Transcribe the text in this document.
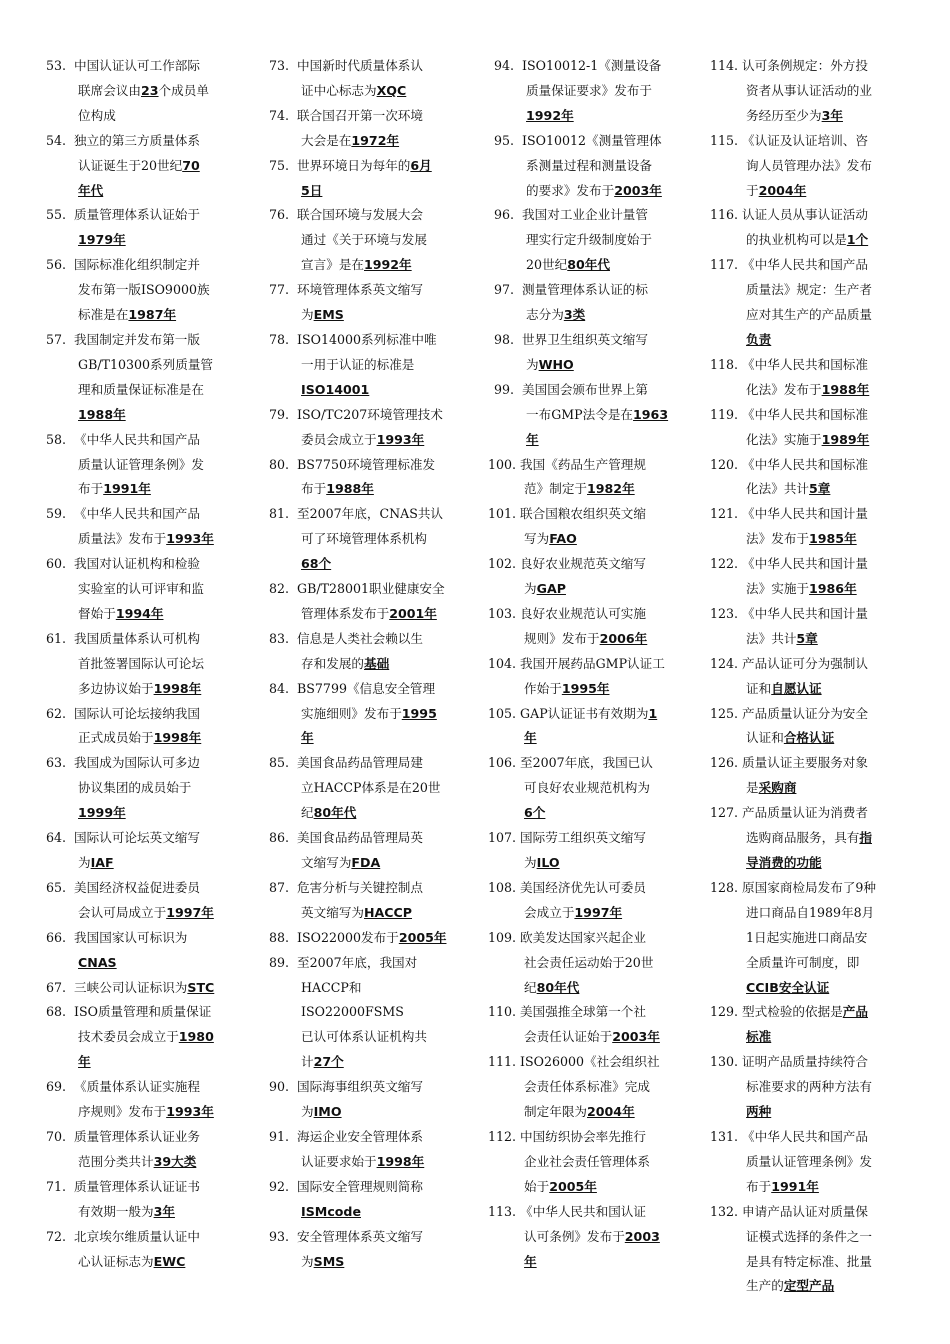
53. 中国认证认可工作部际
联席会议由23个成员单
位构成
54. 独立的第三方质量体系
认证诞生于20世纪70
年代
55. 质量管理体系认证始于
1979年
56. 国际标准化组织制定并
发布第一版ISO9000族
标准是在1987年
57. 我国制定并发布第一版
GB/T10300系列质量管
理和质量保证标准是在
1988年
58. 《中华人民共和国产品
质量认证管理条例》发
布于1991年
59. 《中华人民共和国产品
质量法》发布于1993年
60. 我国对认证机构和检验
实验室的认可评审和监
督始于1994年
61. 我国质量体系认可机构
首批签署国际认可论坛
多边协议始于1998年
62. 国际认可论坛接纳我国
正式成员始于1998年
63. 我国成为国际认可多边
协议集团的成员始于
1999年
64. 国际认可论坛英文缩写
为IAF
65. 美国经济权益促进委员
会认可局成立于1997年
66. 我国国家认可标识为
CNAS
67. 三峡公司认证标识为STC
68. ISO质量管理和质量保证
技术委员会成立于1980
年
69. 《质量体系认证实施程
序规则》发布于1993年
70. 质量管理体系认证业务
范围分类共计39大类
71. 质量管理体系认证证书
有效期一般为3年
72. 北京埃尔维质量认证中
心认证标志为EWC
73. 中国新时代质量体系认
证中心标志为XQC
74. 联合国召开第一次环境
大会是在1972年
75. 世界环境日为每年的6月
5日
76. 联合国环境与发展大会
通过《关于环境与发展
宣言》是在1992年
77. 环境管理体系英文缩写
为EMS
78. ISO14000系列标准中唯
一用于认证的标准是
ISO14001
79. ISO/TC207环境管理技术
委员会成立于1993年
80. BS7750环境管理标准发
布于1988年
81. 至2007年底，CNAS共认
可了环境管理体系机构
68个
82. GB/T28001职业健康安全
管理体系发布于2001年
83. 信息是人类社会赖以生
存和发展的基础
84. BS7799《信息安全管理
实施细则》发布于1995
年
85. 美国食品药品管理局建
立HACCP体系是在20世
纪80年代
86. 美国食品药品管理局英
文缩写为FDA
87. 危害分析与关键控制点
英文缩写为HACCP
88. ISO22000发布于2005年
89. 至2007年底，我国对
HACCP和ISO22000FSMS
已认可体系认证机构共
计27个
90. 国际海事组织英文缩写
为IMO
91. 海运企业安全管理体系
认证要求始于1998年
92. 国际安全管理规则简称
ISMcode
93. 安全管理体系英文缩写
为SMS
94. ISO10012-1《测量设备
质量保证要求》发布于
1992年
95. ISO10012《测量管理体
系测量过程和测量设备
的要求》发布于2003年
96. 我国对工业企业计量管
理实行定升级制度始于
20世纪80年代
97. 测量管理体系认证的标
志分为3类
98. 世界卫生组织英文缩写
为WHO
99. 美国国会颁布世界上第
一布GMP法令是在1963
年
100. 我国《药品生产管理规
范》制定于1982年
101. 联合国粮农组织英文缩
写为FAO
102. 良好农业规范英文缩写
为GAP
103. 良好农业规范认可实施
规则》发布于2006年
104. 我国开展药品GMP认证工
作始于1995年
105. GAP认证证书有效期为1
年
106. 至2007年底，我国已认
可良好农业规范机构为
6个
107. 国际劳工组织英文缩写
为ILO
108. 美国经济优先认可委员
会成立于1997年
109. 欧美发达国家兴起企业
社会责任运动始于20世
纪80年代
110. 美国强推全球第一个社
会责任认证始于2003年
111. ISO26000《社会组织社
会责任体系标准》完成
制定年限为2004年
112. 中国纺织协会率先推行
企业社会责任管理体系
始于2005年
113. 《中华人民共和国认证
认可条例》发布于2003
年
114. 认可条例规定：外方投
资者从事认证活动的业
务经历至少为3年
115. 《认证及认证培训、咨
询人员管理办法》发布
于2004年
116. 认证人员从事认证活动
的执业机构可以是1个
117. 《中华人民共和国产品
质量法》规定：生产者
应对其生产的产品质量
负责
118. 《中华人民共和国标准
化法》发布于1988年
119. 《中华人民共和国标准
化法》实施于1989年
120. 《中华人民共和国标准
化法》共计5章
121. 《中华人民共和国计量
法》发布于1985年
122. 《中华人民共和国计量
法》实施于1986年
123. 《中华人民共和国计量
法》共计5章
124. 产品认证可分为强制认
证和自愿认证
125. 产品质量认证分为安全
认证和合格认证
126. 质量认证主要服务对象
是采购商
127. 产品质量认证为消费者
选购商品服务，具有指
导消费的功能
128. 原国家商检局发布了9种
进口商品自1989年8月
1日起实施进口商品安
全质量许可制度，即
CCIB安全认证
129. 型式检验的依据是产品
标准
130. 证明产品质量持续符合
标准要求的两种方法有
两种
131. 《中华人民共和国产品
质量认证管理条例》发
布于1991年
132. 申请产品认证对质量保
证模式选择的条件之一
是具有特定标准、批量
生产的定型产品
